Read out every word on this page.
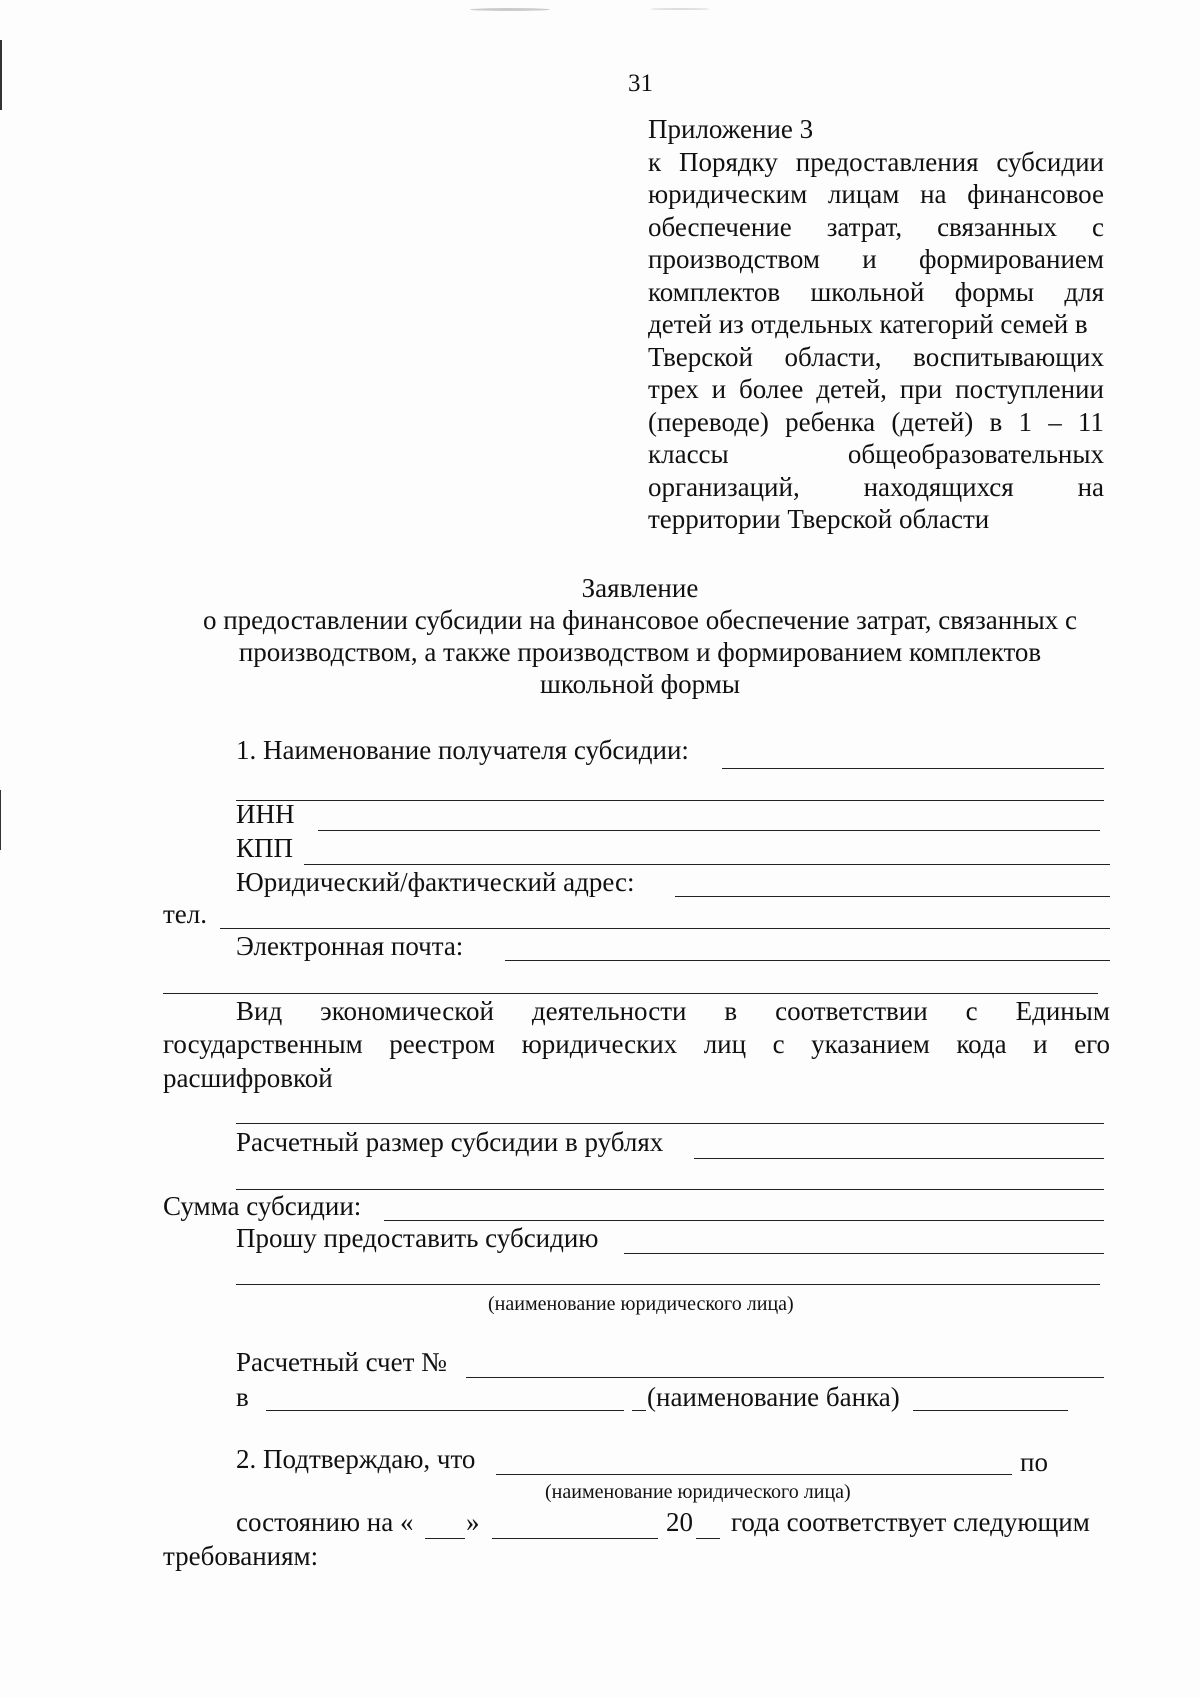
31
Приложение 3
к Порядку предоставления субсидии
юридическим лицам на финансовое
обеспечение затрат, связанных с
производством и формированием
комплектов школьной формы для
детей из отдельных категорий семей в
Тверской области, воспитывающих
трех и более детей, при поступлении
(переводе) ребенка (детей) в 1 – 11
классы	общеобразовательных
организаций, находящихся на
территории Тверской области
Заявление
о предоставлении субсидии на финансовое обеспечение затрат, связанных с
производством, а также производством и формированием комплектов
школьной формы
1. Наименование получателя субсидии:
ИНН
КПП
Юридический/фактический адрес:
тел.
Электронная почта:
Вид экономической деятельности в соответствии с Единым
государственным реестром юридических лиц с указанием кода и его
расшифровкой
Расчетный размер субсидии в рублях
Сумма субсидии:
Прошу предоставить субсидию
(наименование юридического лица)
Расчетный счет №
в	(наименование банка)
2. Подтверждаю, что	по
(наименование юридического лица)
состоянию на « »	20 года соответствует следующим
требованиям:
